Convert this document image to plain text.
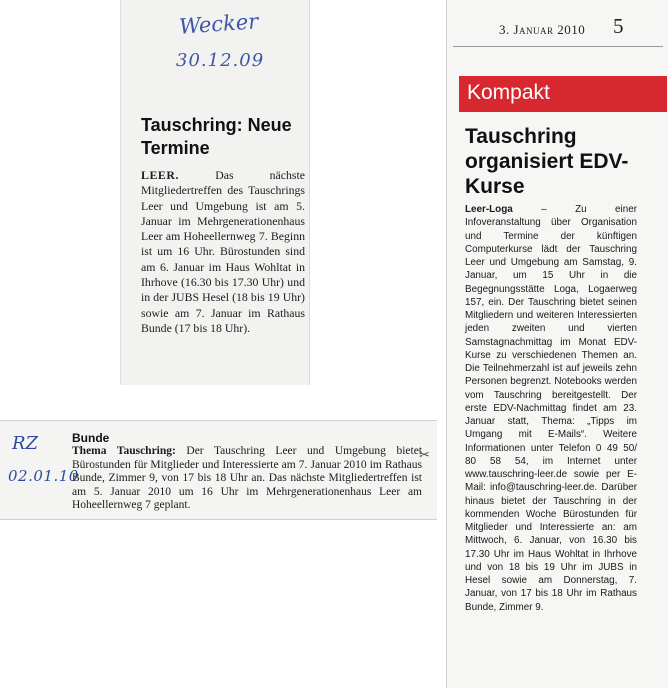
Wecker
30.12.09
Tauschring: Neue Termine
LEER.	Das nächste Mitgliedertreffen des Tauschrings Leer und Umgebung ist am 5. Januar im Mehrgenerationenhaus Leer am Hoheellernweg 7. Beginn ist um 16 Uhr. Bürostunden sind am 6. Januar im Haus Wohltat in Ihrhove (16.30 bis 17.30 Uhr) und in der JUBS Hesel (18 bis 19 Uhr) sowie am 7. Januar im Rathaus Bunde (17 bis 18 Uhr).
RZ
02.01.10
Bunde
Thema Tauschring: Der Tauschring Leer und Umgebung bietet Bürostunden für Mitglieder und Interessierte am 7. Januar 2010 im Rathaus Bunde, Zimmer 9, von 17 bis 18 Uhr an. Das nächste Mitgliedertreffen ist am 5. Januar 2010 um 16 Uhr im Mehrgenerationenhaus Leer am Hoheellernweg 7 geplant.
✂
3. Januar 2010 5
Kompakt
Tauschring organisiert EDV-Kurse
Leer-Loga	– Zu einer Infoveranstaltung über Organisation und Termine der künftigen Computerkurse lädt der Tauschring Leer und Umgebung am Samstag, 9. Januar, um 15 Uhr in die Begegnungsstätte Loga, Logaerweg 157, ein. Der Tauschring bietet seinen Mitgliedern und weiteren Interessierten jeden zweiten und vierten Samstagnachmittag im Monat EDV-Kurse zu verschiedenen Themen an. Die Teilnehmerzahl ist auf jeweils zehn Personen begrenzt. Notebooks werden vom Tauschring bereitgestellt. Der erste EDV-Nachmittag findet am 23. Januar statt, Thema: „Tipps im Umgang mit E-Mails“. Weitere Informationen unter Telefon 0 49 50/ 80 58 54, im Internet unter www.tauschring-leer.de sowie per E-Mail: info@tauschring-leer.de. Darüber hinaus bietet der Tauschring in der kommenden Woche Bürostunden für Mitglieder und Interessierte an: am Mittwoch, 6. Januar, von 16.30 bis 17.30 Uhr im Haus Wohltat in Ihrhove und von 18 bis 19 Uhr im JUBS in Hesel sowie am Donnerstag, 7. Januar, von 17 bis 18 Uhr im Rathaus Bunde, Zimmer 9.
